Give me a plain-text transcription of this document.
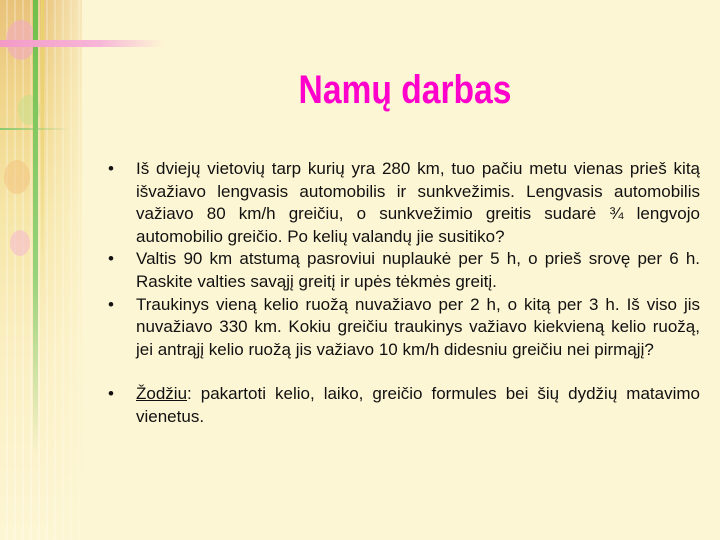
Namų darbas
•	Iš dviejų vietovių tarp kurių yra 280 km, tuo pačiu metu vienas prieš kitą išvažiavo lengvasis automobilis ir sunkvežimis. Lengvasis automobilis važiavo 80 km/h greičiu, o sunkvežimio greitis sudarė ¾ lengvojo automobilio greičio. Po kelių valandų jie susitiko?
•	Valtis 90 km atstumą pasroviui nuplaukė per 5 h, o prieš srovę per 6 h. Raskite valties savąjį greitį ir upės tėkmės greitį.
•	Traukinys vieną kelio ruožą nuvažiavo per 2 h, o kitą per 3 h. Iš viso jis nuvažiavo 330 km. Kokiu greičiu traukinys važiavo kiekvieną kelio ruožą, jei antrąjį kelio ruožą jis važiavo 10 km/h didesniu greičiu nei pirmąjį?
•	Žodžiu: pakartoti kelio, laiko, greičio formules bei šių dydžių matavimo vienetus.
